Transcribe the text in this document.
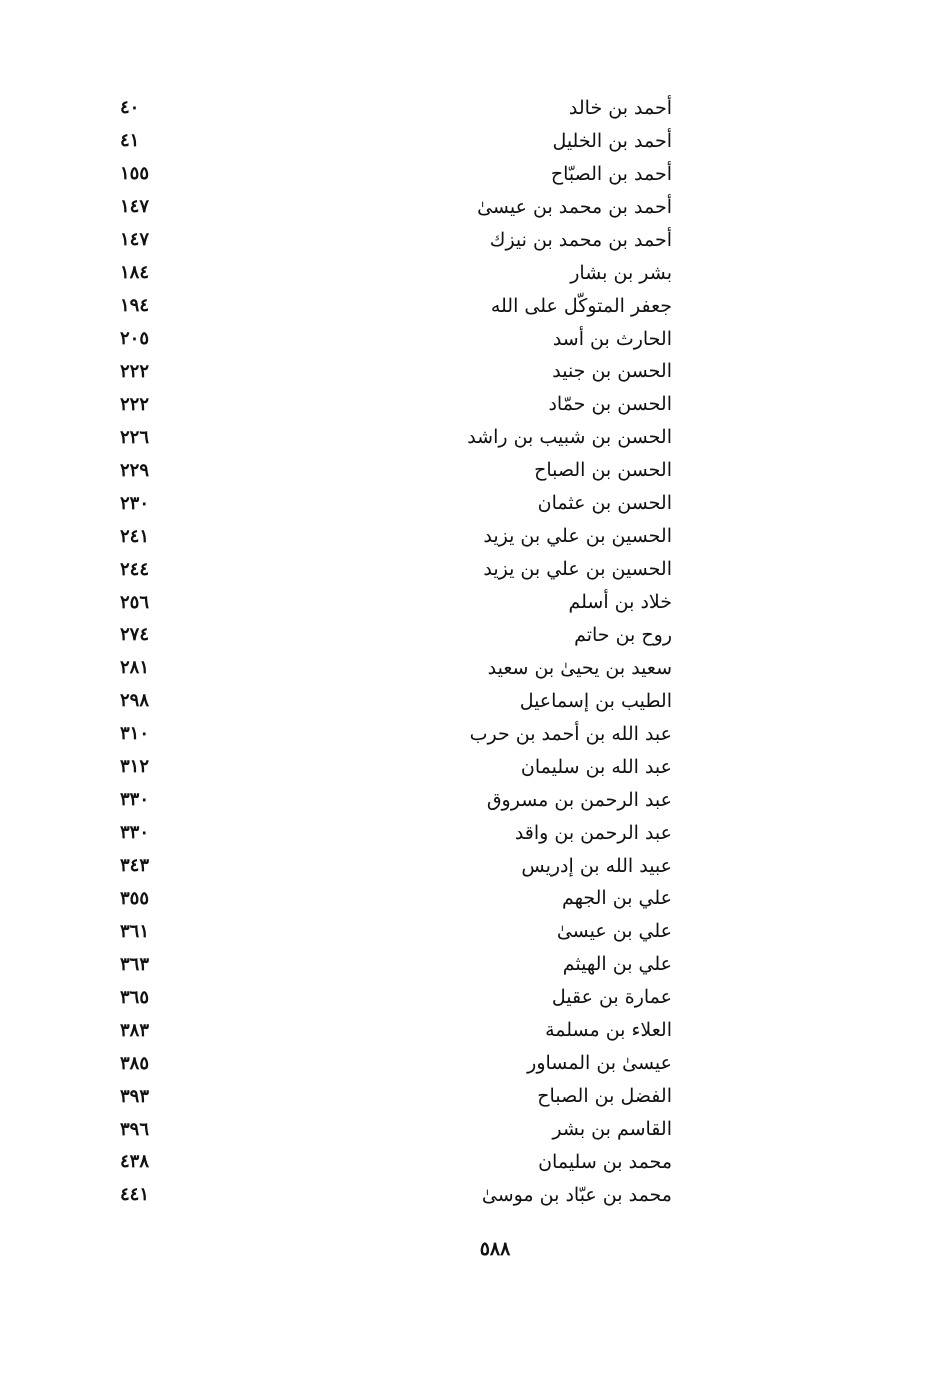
٤٠	أحمد بن خالد
٤١	أحمد بن الخليل
١٥٥	أحمد بن الصبّاح
١٤٧	أحمد بن محمد بن عيسىٰ
١٤٧	أحمد بن محمد بن نيزك
١٨٤	بشر بن بشار
١٩٤	جعفر المتوكّل على الله
٢٠٥	الحارث بن أسد
٢٢٢	الحسن بن جنيد
٢٢٢	الحسن بن حمّاد
٢٢٦	الحسن بن شبيب بن راشد
٢٢٩	الحسن بن الصباح
٢٣٠	الحسن بن عثمان
٢٤١	الحسين بن علي بن يزيد
٢٤٤	الحسين بن علي بن يزيد
٢٥٦	خلاد بن أسلم
٢٧٤	روح بن حاتم
٢٨١	سعيد بن يحيىٰ بن سعيد
٢٩٨	الطيب بن إسماعيل
٣١٠	عبد الله بن أحمد بن حرب
٣١٢	عبد الله بن سليمان
٣٣٠	عبد الرحمن بن مسروق
٣٣٠	عبد الرحمن بن واقد
٣٤٣	عبيد الله بن إدريس
٣٥٥	علي بن الجهم
٣٦١	علي بن عيسىٰ
٣٦٣	علي بن الهيثم
٣٦٥	عمارة بن عقيل
٣٨٣	العلاء بن مسلمة
٣٨٥	عيسىٰ بن المساور
٣٩٣	الفضل بن الصباح
٣٩٦	القاسم بن بشر
٤٣٨	محمد بن سليمان
٤٤١	محمد بن عبّاد بن موسىٰ
٥٨٨
